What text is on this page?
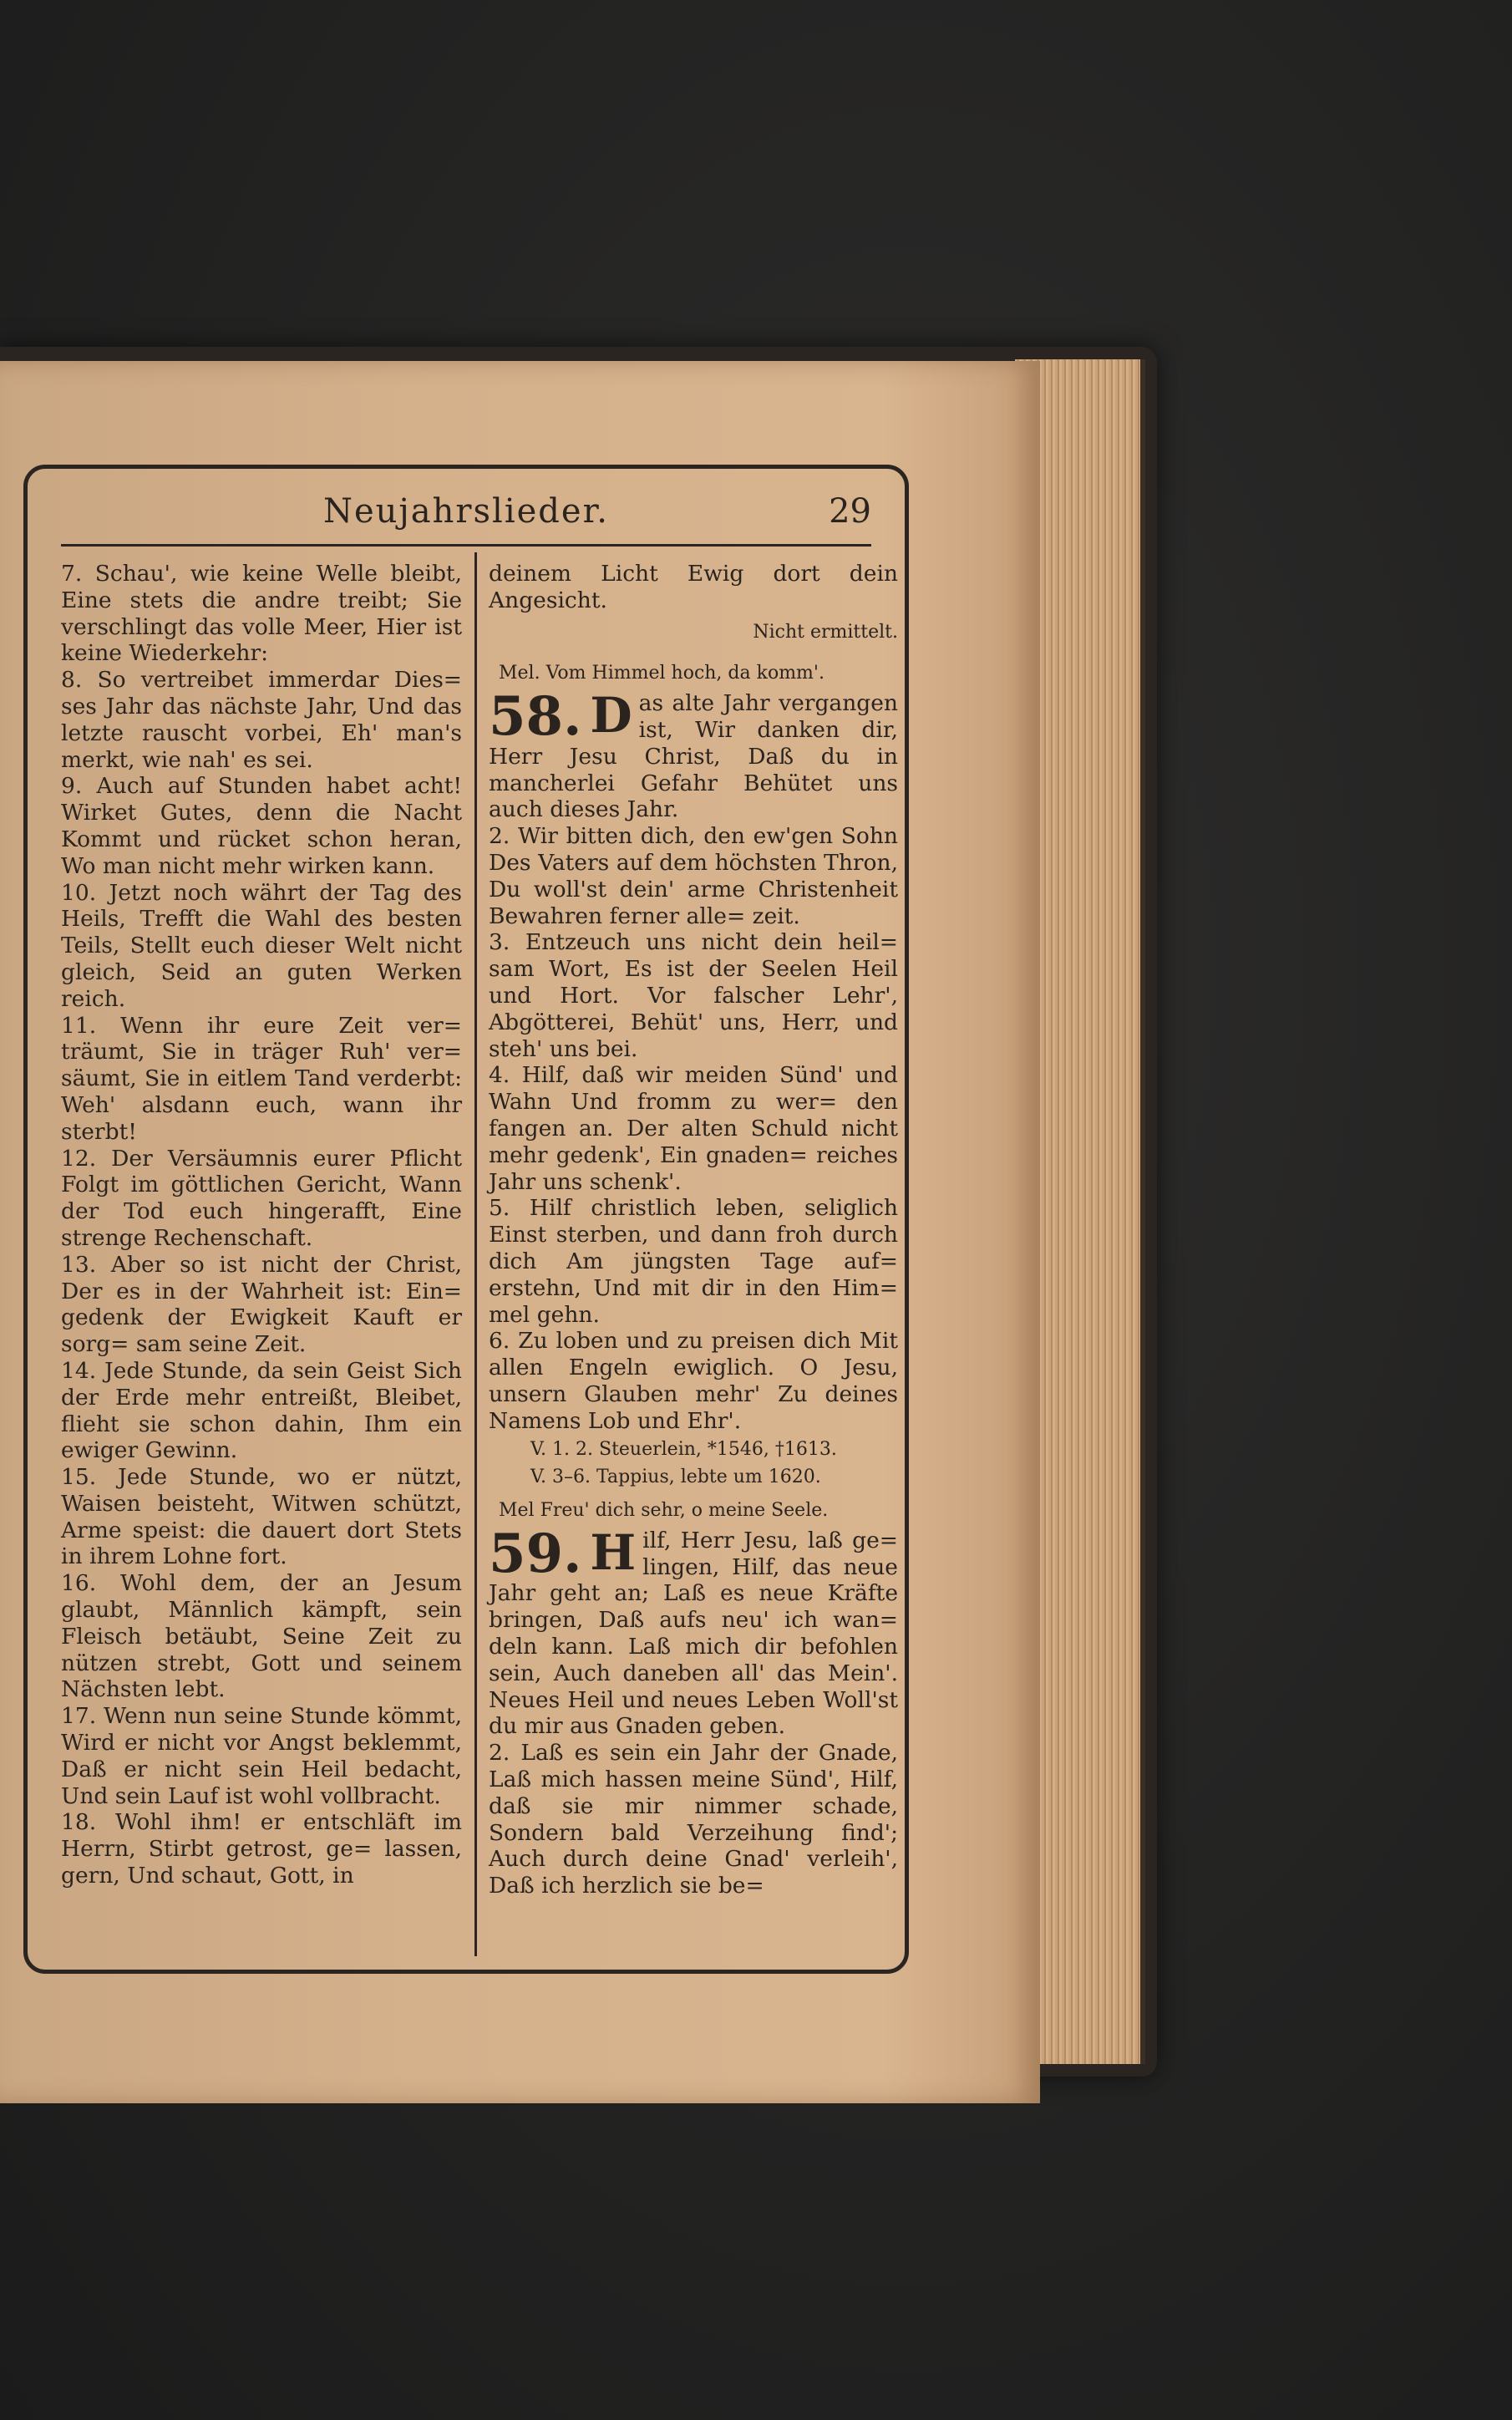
Neujahrslieder.	29

7. Schau', wie keine Welle bleibt, Eine stets die andre treibt; Sie verschlingt das volle Meer, Hier ist keine Wiederkehr:

8. So vertreibet immerdar Dies= ses Jahr das nächste Jahr, Und das letzte rauscht vorbei, Eh' man's merkt, wie nah' es sei.

9. Auch auf Stunden habet acht! Wirket Gutes, denn die Nacht Kommt und rücket schon heran, Wo man nicht mehr wirken kann.

10. Jetzt noch währt der Tag des Heils, Trefft die Wahl des besten Teils, Stellt euch dieser Welt nicht gleich, Seid an guten Werken reich.

11. Wenn ihr eure Zeit ver= träumt, Sie in träger Ruh' ver= säumt, Sie in eitlem Tand verderbt: Weh' alsdann euch, wann ihr sterbt!

12. Der Versäumnis eurer Pflicht Folgt im göttlichen Gericht, Wann der Tod euch hingerafft, Eine strenge Rechenschaft.

13. Aber so ist nicht der Christ, Der es in der Wahrheit ist: Ein= gedenk der Ewigkeit Kauft er sorg= sam seine Zeit.

14. Jede Stunde, da sein Geist Sich der Erde mehr entreißt, Bleibet, flieht sie schon dahin, Ihm ein ewiger Gewinn.

15. Jede Stunde, wo er nützt, Waisen beisteht, Witwen schützt, Arme speist: die dauert dort Stets in ihrem Lohne fort.

16. Wohl dem, der an Jesum glaubt, Männlich kämpft, sein Fleisch betäubt, Seine Zeit zu nützen strebt, Gott und seinem Nächsten lebt.

17. Wenn nun seine Stunde kömmt, Wird er nicht vor Angst beklemmt, Daß er nicht sein Heil bedacht, Und sein Lauf ist wohl vollbracht.

18. Wohl ihm! er entschläft im Herrn, Stirbt getrost, ge= lassen, gern, Und schaut, Gott, in

deinem Licht Ewig dort dein Angesicht.

Nicht ermittelt.
Mel. Vom Himmel hoch, da komm'.
58. D as alte Jahr vergangen ist, Wir danken dir, Herr Jesu Christ, Daß du in mancherlei Gefahr Behütet uns auch dieses Jahr.

2. Wir bitten dich, den ew'gen Sohn Des Vaters auf dem höchsten Thron, Du woll'st dein' arme Christenheit Bewahren ferner alle= zeit.

3. Entzeuch uns nicht dein heil= sam Wort, Es ist der Seelen Heil und Hort. Vor falscher Lehr', Abgötterei, Behüt' uns, Herr, und steh' uns bei.

4. Hilf, daß wir meiden Sünd' und Wahn Und fromm zu wer= den fangen an. Der alten Schuld nicht mehr gedenk', Ein gnaden= reiches Jahr uns schenk'.

5. Hilf christlich leben, seliglich Einst sterben, und dann froh durch dich Am jüngsten Tage auf= erstehn, Und mit dir in den Him= mel gehn.

6. Zu loben und zu preisen dich Mit allen Engeln ewiglich. O Jesu, unsern Glauben mehr' Zu deines Namens Lob und Ehr'.

V. 1. 2. Steuerlein, *1546, †1613.
V. 3–6. Tappius, lebte um 1620.
Mel Freu' dich sehr, o meine Seele.
59. H ilf, Herr Jesu, laß ge= lingen, Hilf, das neue Jahr geht an; Laß es neue Kräfte bringen, Daß aufs neu' ich wan= deln kann. Laß mich dir befohlen sein, Auch daneben all' das Mein'. Neues Heil und neues Leben Woll'st du mir aus Gnaden geben.

2. Laß es sein ein Jahr der Gnade, Laß mich hassen meine Sünd', Hilf, daß sie mir nimmer schade, Sondern bald Verzeihung find'; Auch durch deine Gnad' verleih', Daß ich herzlich sie be=
